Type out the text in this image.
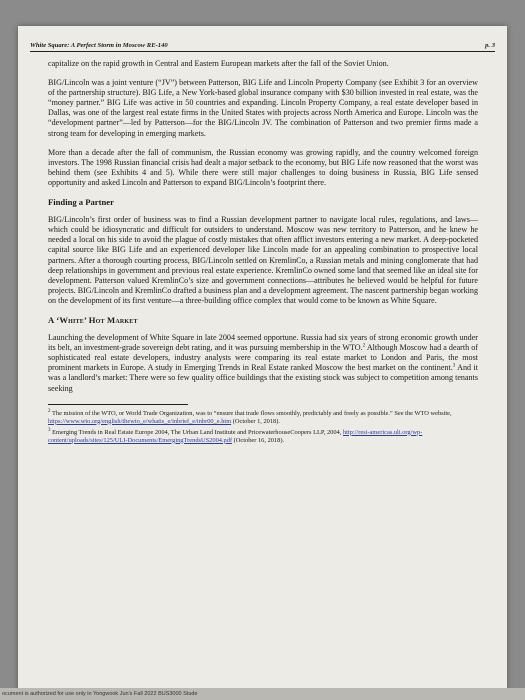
White Square: A Perfect Storm in Moscow RE-140	p. 3

capitalize on the rapid growth in Central and Eastern European markets after the fall of the Soviet Union.

BIG/Lincoln was a joint venture (“JV”) between Patterson, BIG Life and Lincoln Property Company (see Exhibit 3 for an overview of the partnership structure). BIG Life, a New York-based global insurance company with $30 billion invested in real estate, was the “money partner.” BIG Life was active in 50 countries and expanding. Lincoln Property Company, a real estate developer based in Dallas, was one of the largest real estate firms in the United States with projects across North America and Europe. Lincoln was the “development partner”—led by Patterson—for the BIG/Lincoln JV. The combination of Patterson and two premier firms made a strong team for developing in emerging markets.

More than a decade after the fall of communism, the Russian economy was growing rapidly, and the country welcomed foreign investors. The 1998 Russian financial crisis had dealt a major setback to the economy, but BIG Life now reasoned that the worst was behind them (see Exhibits 4 and 5). While there were still major challenges to doing business in Russia, BIG Life sensed opportunity and asked Lincoln and Patterson to expand BIG/Lincoln’s footprint there.

Finding a Partner

BIG/Lincoln’s first order of business was to find a Russian development partner to navigate local rules, regulations, and laws—which could be idiosyncratic and difficult for outsiders to understand. Moscow was new territory to Patterson, and he knew he needed a local on his side to avoid the plague of costly mistakes that often afflict investors entering a new market. A deep-pocketed capital source like BIG Life and an experienced developer like Lincoln made for an appealing combination to prospective local partners. After a thorough courting process, BIG/Lincoln settled on KremlinCo, a Russian metals and mining conglomerate that had deep relationships in government and previous real estate experience. KremlinCo owned some land that seemed like an ideal site for development. Patterson valued KremlinCo’s size and government connections—attributes he believed would be helpful for future projects. BIG/Lincoln and KremlinCo drafted a business plan and a development agreement. The nascent partnership began working on the development of its first venture—a three-building office complex that would come to be known as White Square.

A ‘White’ Hot Market

Launching the development of White Square in late 2004 seemed opportune. Russia had six years of strong economic growth under its belt, an investment-grade sovereign debt rating, and it was pursuing membership in the WTO.$^2$ Although Moscow had a dearth of sophisticated real estate developers, industry analysts were comparing its real estate market to London and Paris, the most prominent markets in Europe. A study in Emerging Trends in Real Estate ranked Moscow the best market on the continent.$^3$ And it was a landlord’s market: There were so few quality office buildings that the existing stock was subject to competition among tenants seeking

$^2$ The mission of the WTO, or World Trade Organization, was to “ensure that trade flows smoothly, predictably and freely as possible.” See the WTO website, https://www.wto.org/english/thewto_e/whatis_e/inbrief_e/inbr00_e.htm (October 1, 2018).

$^3$ Emerging Trends in Real Estate Europe 2004, The Urban Land Institute and PricewaterhouseCoopers LLP, 2004, http://resi-americas.uli.org/wp-content/uploads/sites/125/ULI-Documents/EmergingTrendsUS2004.pdf (October 16, 2018).

ocument is authorized for use only in Yongwook Jun's Fall 2022 BUS3000 Stude
